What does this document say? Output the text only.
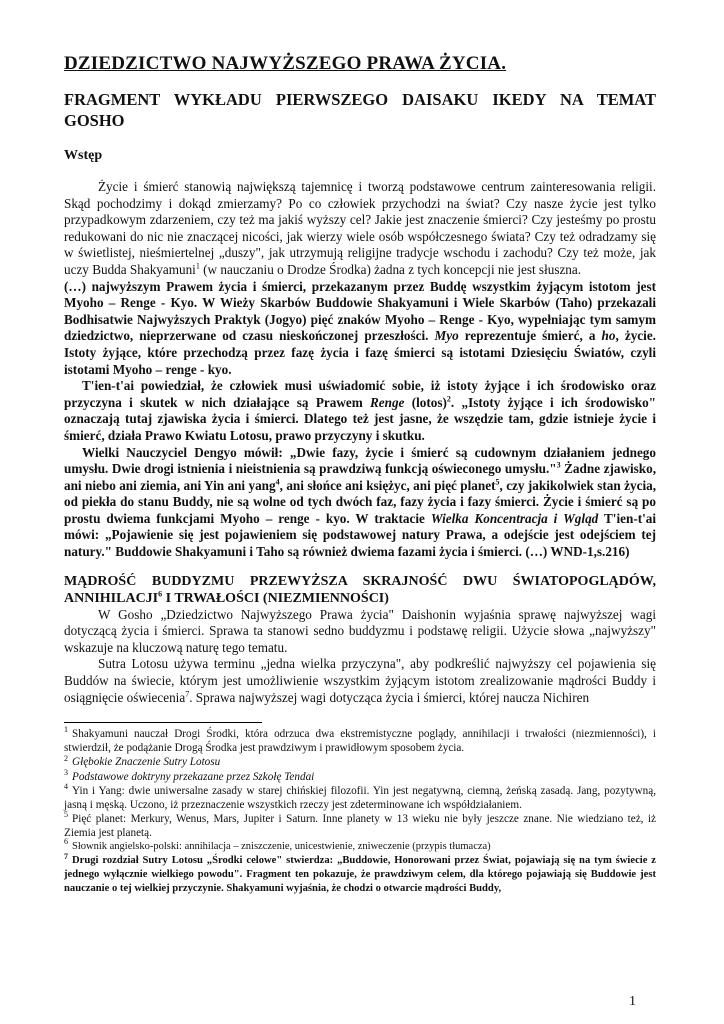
DZIEDZICTWO NAJWYŻSZEGO PRAWA ŻYCIA.
FRAGMENT WYKŁADU PIERWSZEGO DAISAKU IKEDY NA TEMAT GOSHO
Wstęp

Życie i śmierć stanowią największą tajemnicę i tworzą podstawowe centrum zainteresowania religii. Skąd pochodzimy i dokąd zmierzamy? Po co człowiek przychodzi na świat? Czy nasze życie jest tylko przypadkowym zdarzeniem, czy też ma jakiś wyższy cel? Jakie jest znaczenie śmierci? Czy jesteśmy po prostu redukowani do nic nie znaczącej nicości, jak wierzy wiele osób współczesnego świata? Czy też odradzamy się w świetlistej, nieśmiertelnej „duszy", jak utrzymują religijne tradycje wschodu i zachodu? Czy też może, jak uczy Budda Shakyamuni$^1$ (w nauczaniu o Drodze Środka) żadna z tych koncepcji nie jest słuszna.

(…) najwyższym Prawem życia i śmierci, przekazanym przez Buddę wszystkim żyjącym istotom jest Myoho – Renge - Kyo. W Wieży Skarbów Buddowie Shakyamuni i Wiele Skarbów (Taho) przekazali Bodhisatwie Najwyższych Praktyk (Jogyo) pięć znaków Myoho – Renge - Kyo, wypełniając tym samym dziedzictwo, nieprzerwane od czasu nieskończonej przeszłości. Myo reprezentuje śmierć, a ho, życie. Istoty żyjące, które przechodzą przez fazę życia i fazę śmierci są istotami Dziesięciu Światów, czyli istotami Myoho – renge - kyo.

T'ien-t'ai powiedział, że człowiek musi uświadomić sobie, iż istoty żyjące i ich środowisko oraz przyczyna i skutek w nich działające są Prawem Renge (lotos)$^2$. „Istoty żyjące i ich środowisko" oznaczają tutaj zjawiska życia i śmierci. Dlatego też jest jasne, że wszędzie tam, gdzie istnieje życie i śmierć, działa Prawo Kwiatu Lotosu, prawo przyczyny i skutku.

Wielki Nauczyciel Dengyo mówił: „Dwie fazy, życie i śmierć są cudownym działaniem jednego umysłu. Dwie drogi istnienia i nieistnienia są prawdziwą funkcją oświeconego umysłu."$^3$ Żadne zjawisko, ani niebo ani ziemia, ani Yin ani yang$^4$, ani słońce ani księżyc, ani pięć planet$^5$, czy jakikolwiek stan życia, od piekła do stanu Buddy, nie są wolne od tych dwóch faz, fazy życia i fazy śmierci. Życie i śmierć są po prostu dwiema funkcjami Myoho – renge - kyo. W traktacie Wielka Koncentracja i Wgląd T'ien-t'ai mówi: „Pojawienie się jest pojawieniem się podstawowej natury Prawa, a odejście jest odejściem tej natury." Buddowie Shakyamuni i Taho są również dwiema fazami życia i śmierci. (…) WND-1,s.216)

MĄDROŚĆ BUDDYZMU PRZEWYŻSZA SKRAJNOŚĆ DWU ŚWIATOPOGLĄDÓW, ANNIHILACJI$^6$ I TRWAŁOŚCI (NIEZMIENNOŚCI)

W Gosho „Dziedzictwo Najwyższego Prawa życia" Daishonin wyjaśnia sprawę najwyższej wagi dotyczącą życia i śmierci. Sprawa ta stanowi sedno buddyzmu i podstawę religii. Użycie słowa „najwyższy" wskazuje na kluczową naturę tego tematu.

Sutra Lotosu używa terminu „jedna wielka przyczyna", aby podkreślić najwyższy cel pojawienia się Buddów na świecie, którym jest umożliwienie wszystkim żyjącym istotom zrealizowanie mądrości Buddy i osiągnięcie oświecenia$^7$. Sprawa najwyższej wagi dotycząca życia i śmierci, której naucza Nichiren

$^1$ Shakyamuni nauczał Drogi Środki, która odrzuca dwa ekstremistyczne poglądy, annihilacji i trwałości (niezmienności), i stwierdził, że podążanie Drogą Środka jest prawdziwym i prawidłowym sposobem życia.

$^2$ Głębokie Znaczenie Sutry Lotosu

$^3$ Podstawowe doktryny przekazane przez Szkołę Tendai

$^4$ Yin i Yang: dwie uniwersalne zasady w starej chińskiej filozofii. Yin jest negatywną, ciemną, żeńską zasadą. Jang, pozytywną, jasną i męską. Uczono, iż przeznaczenie wszystkich rzeczy jest zdeterminowane ich współdziałaniem.

$^5$ Pięć planet: Merkury, Wenus, Mars, Jupiter i Saturn. Inne planety w 13 wieku nie były jeszcze znane. Nie wiedziano też, iż Ziemia jest planetą.

$^6$ Słownik angielsko-polski: annihilacja – zniszczenie, unicestwienie, zniweczenie (przypis tłumacza)

$^7$ Drugi rozdział Sutry Lotosu „Środki celowe" stwierdza: „Buddowie, Honorowani przez Świat, pojawiają się na tym świecie z jednego wyłącznie wielkiego powodu". Fragment ten pokazuje, że prawdziwym celem, dla którego pojawiają się Buddowie jest nauczanie o tej wielkiej przyczynie. Shakyamuni wyjaśnia, że chodzi o otwarcie mądrości Buddy,

1
